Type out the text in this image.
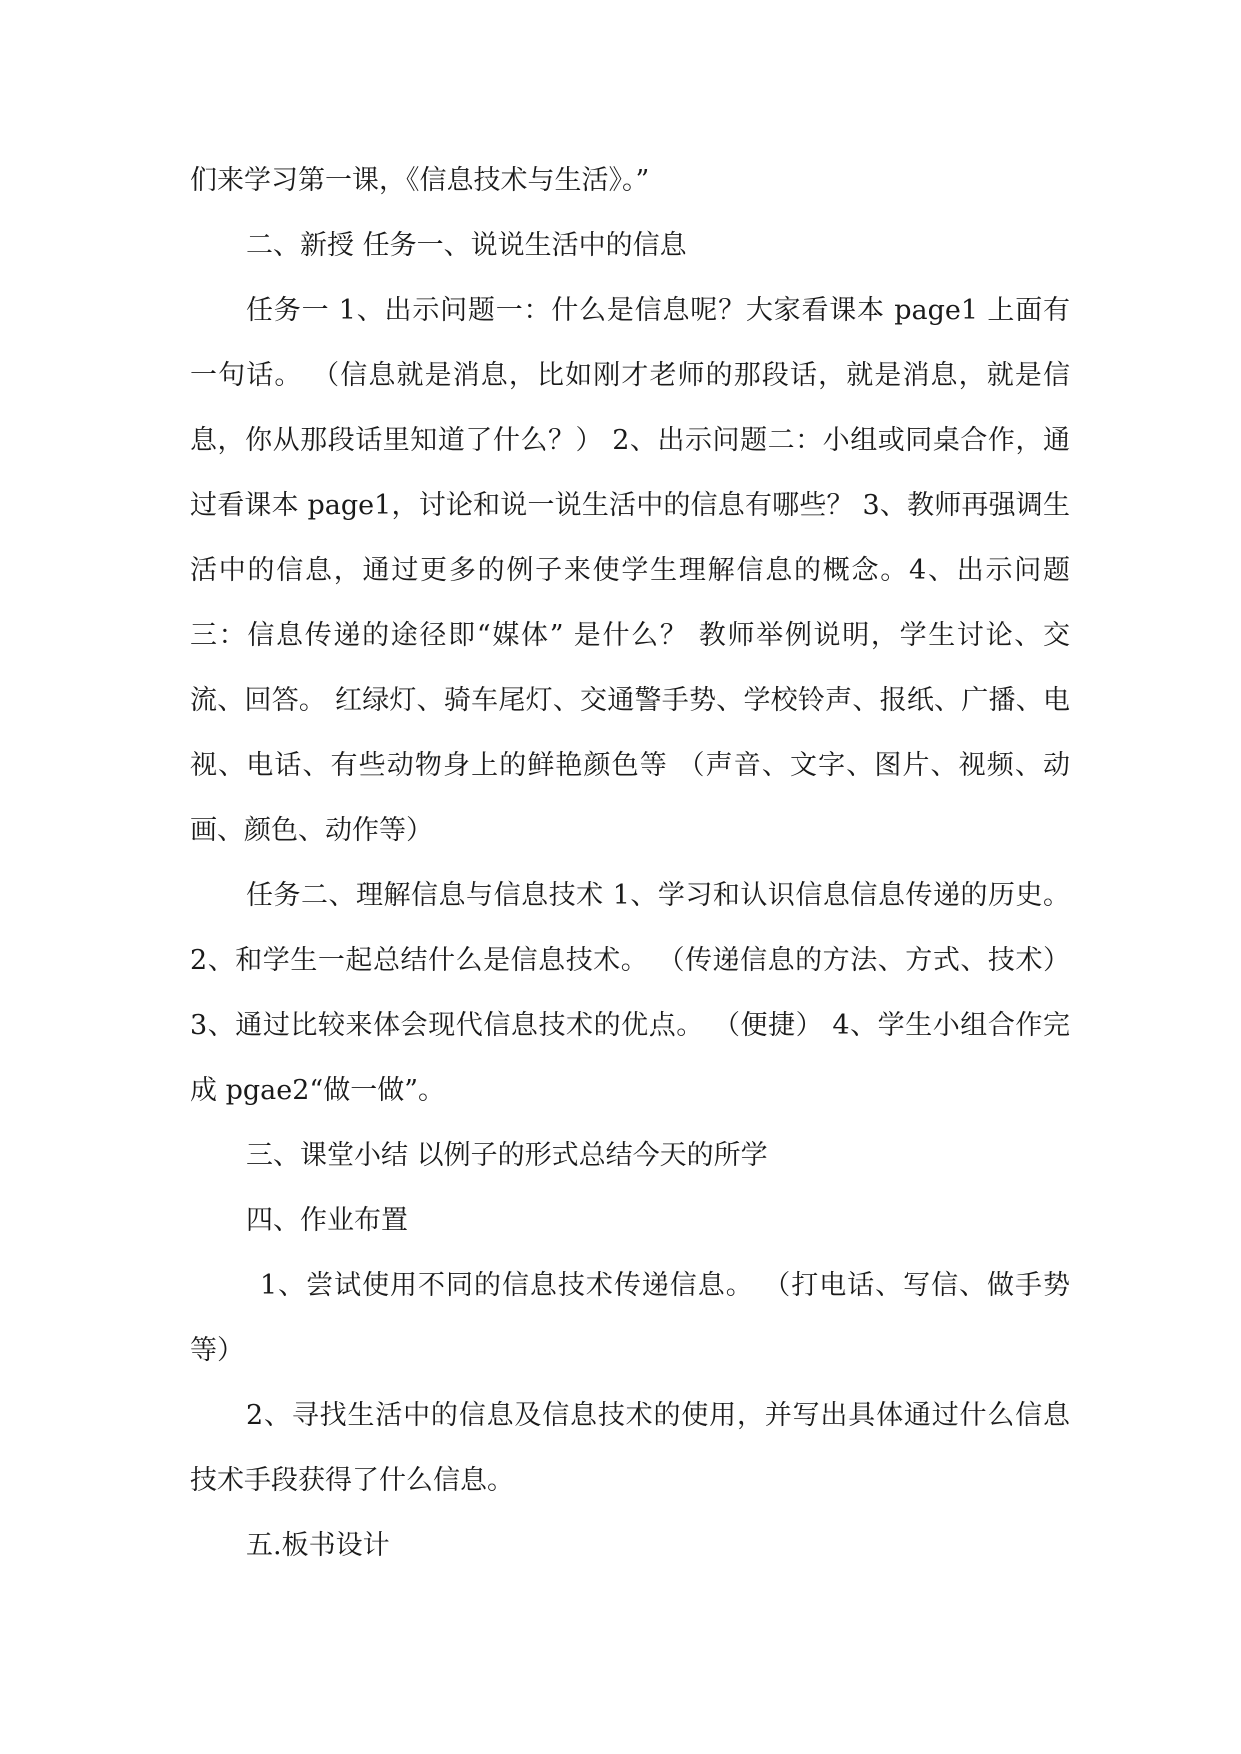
们来学习第一课，《信息技术与生活》。”

二、新授 任务一、说说生活中的信息

任务一 1、出示问题一：什么是信息呢？大家看课本 page1 上面有一句话。 （信息就是消息，比如刚才老师的那段话，就是消息，就是信息，你从那段话里知道了什么？） 2、出示问题二：小组或同桌合作，通过看课本 page1，讨论和说一说生活中的信息有哪些？ 3、教师再强调生活中的信息，通过更多的例子来使学生理解信息的概念。4、出示问题三：信息传递的途径即“媒体” 是什么？ 教师举例说明，学生讨论、交流、回答。 红绿灯、骑车尾灯、交通警手势、学校铃声、报纸、广播、电视、电话、有些动物身上的鲜艳颜色等 （声音、文字、图片、视频、动画、颜色、动作等）

任务二、理解信息与信息技术 1、学习和认识信息信息传递的历史。 2、和学生一起总结什么是信息技术。 （传递信息的方法、方式、技术） 3、通过比较来体会现代信息技术的优点。 （便捷） 4、学生小组合作完成 pgae2“做一做”。

三、课堂小结 以例子的形式总结今天的所学

四、作业布置

1、尝试使用不同的信息技术传递信息。 （打电话、写信、做手势等）

2、寻找生活中的信息及信息技术的使用，并写出具体通过什么信息技术手段获得了什么信息。

五.板书设计
